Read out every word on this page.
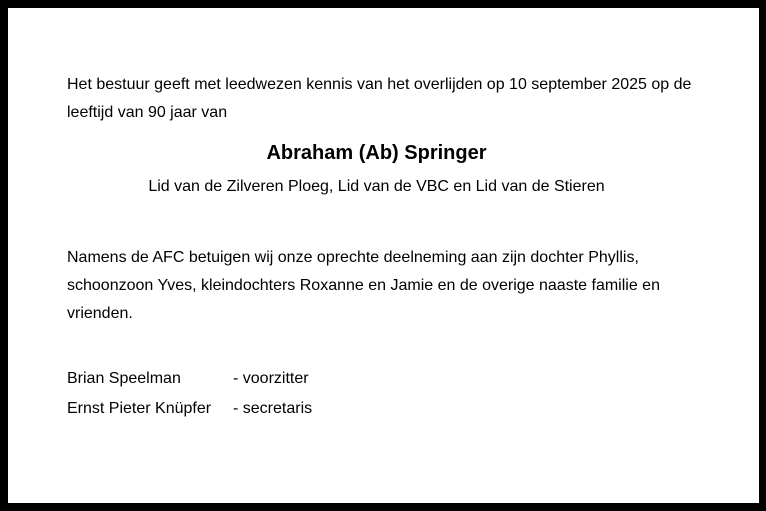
Het bestuur geeft met leedwezen kennis van het overlijden op 10 september 2025 op de leeftijd van 90 jaar van

Abraham (Ab) Springer

Lid van de Zilveren Ploeg, Lid van de VBC en Lid van de Stieren

Namens de AFC betuigen wij onze oprechte deelneming aan zijn dochter Phyllis, schoonzoon Yves, kleindochters Roxanne en Jamie en de overige naaste familie en vrienden.

Brian Speelman	- voorzitter
Ernst Pieter Knüpfer	- secretaris
